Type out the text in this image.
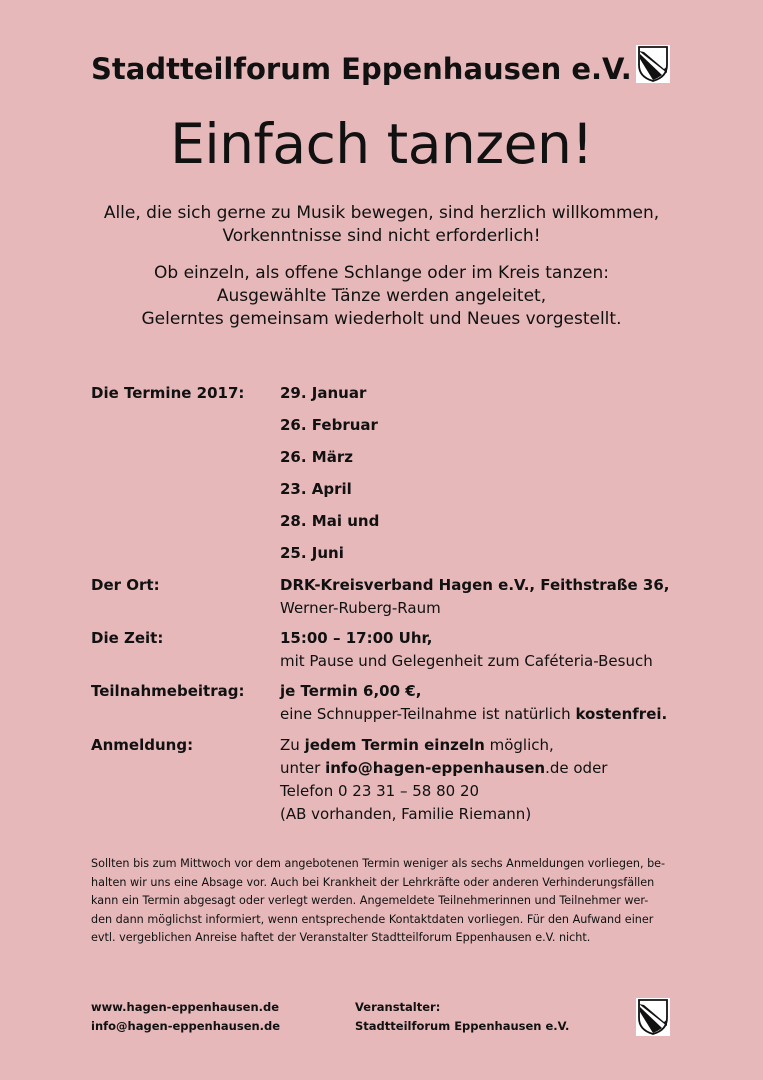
Stadtteilforum Eppenhausen e.V.
Einfach tanzen!
Alle, die sich gerne zu Musik bewegen, sind herzlich willkommen,
Vorkenntnisse sind nicht erforderlich!
Ob einzeln, als offene Schlange oder im Kreis tanzen:
Ausgewählte Tänze werden angeleitet,
Gelerntes gemeinsam wiederholt und Neues vorgestellt.
Die Termine 2017: 29. Januar
26. Februar
26. März
23. April
28. Mai und
25. Juni
Der Ort:	DRK-Kreisverband Hagen e.V., Feithstraße 36,
Werner-Ruberg-Raum
Die Zeit:	15:00 – 17:00 Uhr,
mit Pause und Gelegenheit zum Caféteria-Besuch
Teilnahmebeitrag: je Termin 6,00 €,
eine Schnupper-Teilnahme ist natürlich kostenfrei.
Anmeldung:	Zu jedem Termin einzeln möglich,
unter info@hagen-eppenhausen.de oder
Telefon 0 23 31 – 58 80 20
(AB vorhanden, Familie Riemann)
Sollten bis zum Mittwoch vor dem angebotenen Termin weniger als sechs Anmeldungen vorliegen, be-
halten wir uns eine Absage vor. Auch bei Krankheit der Lehrkräfte oder anderen Verhinderungsfällen
kann ein Termin abgesagt oder verlegt werden. Angemeldete Teilnehmerinnen und Teilnehmer wer-
den dann möglichst informiert, wenn entsprechende Kontaktdaten vorliegen. Für den Aufwand einer
evtl. vergeblichen Anreise haftet der Veranstalter Stadtteilforum Eppenhausen e.V. nicht.
www.hagen-eppenhausen.de
info@hagen-eppenhausen.de
Veranstalter:
Stadtteilforum Eppenhausen e.V.
